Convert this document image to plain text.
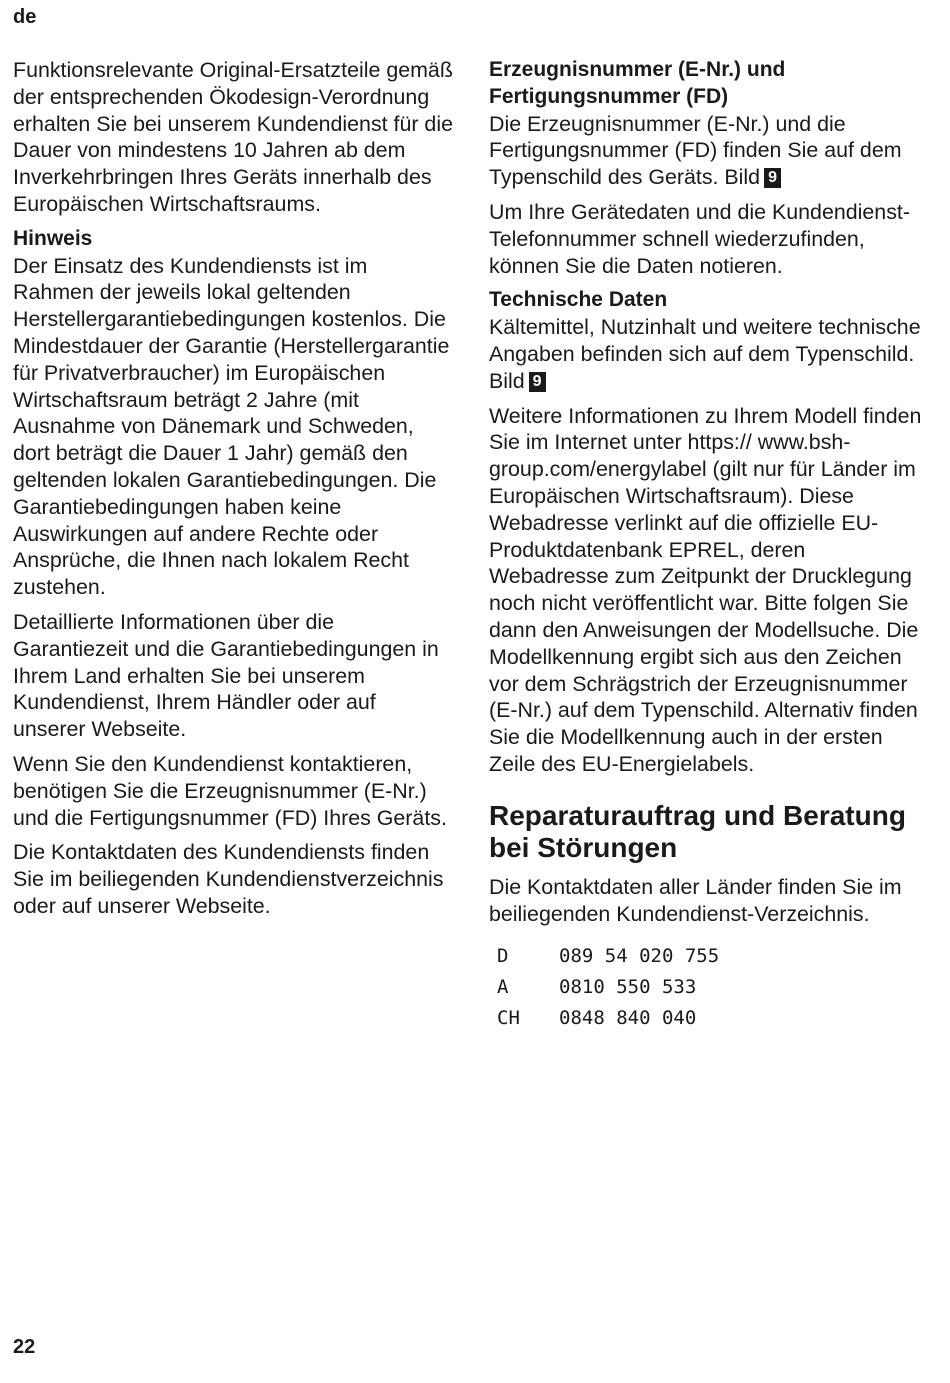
de

Funktionsrelevante Original-Ersatzteile gemäß der entsprechenden Ökodesign-Verordnung erhalten Sie bei unserem Kundendienst für die Dauer von mindestens 10 Jahren ab dem Inverkehrbringen Ihres Geräts innerhalb des Europäischen Wirtschaftsraums.

Hinweis

Der Einsatz des Kundendiensts ist im Rahmen der jeweils lokal geltenden Herstellergarantiebedingungen kostenlos. Die Mindestdauer der Garantie (Herstellergarantie für Privatverbraucher) im Europäischen Wirtschaftsraum beträgt 2 Jahre (mit Ausnahme von Dänemark und Schweden, dort beträgt die Dauer 1 Jahr) gemäß den geltenden lokalen Garantiebedingungen. Die Garantiebedingungen haben keine Auswirkungen auf andere Rechte oder Ansprüche, die Ihnen nach lokalem Recht zustehen.

Detaillierte Informationen über die Garantiezeit und die Garantiebedingungen in Ihrem Land erhalten Sie bei unserem Kundendienst, Ihrem Händler oder auf unserer Webseite.

Wenn Sie den Kundendienst kontaktieren, benötigen Sie die Erzeugnisnummer (E-Nr.) und die Fertigungsnummer (FD) Ihres Geräts.

Die Kontaktdaten des Kundendiensts finden Sie im beiliegenden Kundendienstverzeichnis oder auf unserer Webseite.

Erzeugnisnummer (E-Nr.) und Fertigungsnummer (FD)

Die Erzeugnisnummer (E-Nr.) und die Fertigungsnummer (FD) finden Sie auf dem Typenschild des Geräts. Bild 9

Um Ihre Gerätedaten und die Kundendienst-Telefonnummer schnell wiederzufinden, können Sie die Daten notieren.

Technische Daten

Kältemittel, Nutzinhalt und weitere technische Angaben befinden sich auf dem Typenschild. Bild 9

Weitere Informationen zu Ihrem Modell finden Sie im Internet unter https:// www.bsh-group.com/energylabel (gilt nur für Länder im Europäischen Wirtschaftsraum). Diese Webadresse verlinkt auf die offizielle EU-Produktdatenbank EPREL, deren Webadresse zum Zeitpunkt der Drucklegung noch nicht veröffentlicht war. Bitte folgen Sie dann den Anweisungen der Modellsuche. Die Modellkennung ergibt sich aus den Zeichen vor dem Schrägstrich der Erzeugnisnummer (E-Nr.) auf dem Typenschild. Alternativ finden Sie die Modellkennung auch in der ersten Zeile des EU-Energielabels.

Reparaturauftrag und Beratung bei Störungen

Die Kontaktdaten aller Länder finden Sie im beiliegenden Kundendienst-Verzeichnis.

D	089 54 020 755
A	0810 550 533
CH	0848 840 040
22
